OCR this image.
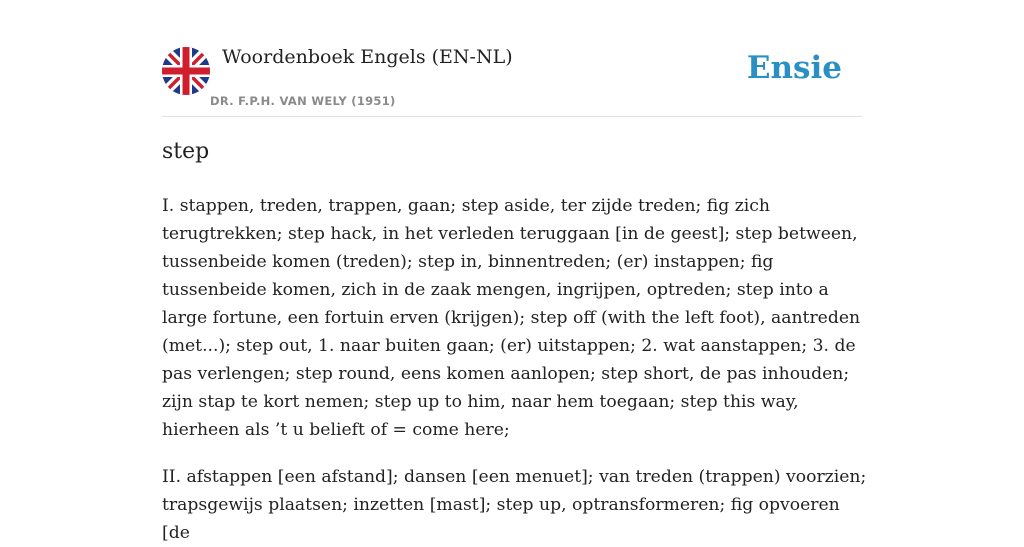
Woordenboek Engels (EN-NL)
DR. F.P.H. VAN WELY (1951)
Ensie
step

I. stappen, treden, trappen, gaan; step aside, ter zijde treden; fig zich terugtrekken; step hack, in het verleden teruggaan [in de geest]; step between, tussenbeide komen (treden); step in, binnentreden; (er) instappen; fig tussenbeide komen, zich in de zaak mengen, ingrijpen, optreden; step into a large fortune, een fortuin erven (krijgen); step off (with the left foot), aantreden (met...); step out, 1. naar buiten gaan; (er) uitstappen; 2. wat aanstappen; 3. de pas verlengen; step round, eens komen aanlopen; step short, de pas inhouden; zijn stap te kort nemen; step up to him, naar hem toegaan; step this way, hierheen als ’t u belieft of = come here;

II. afstappen [een afstand]; dansen [een menuet]; van treden (trappen) voorzien; trapsgewijs plaatsen; inzetten [mast]; step up, optransformeren; fig opvoeren [de
